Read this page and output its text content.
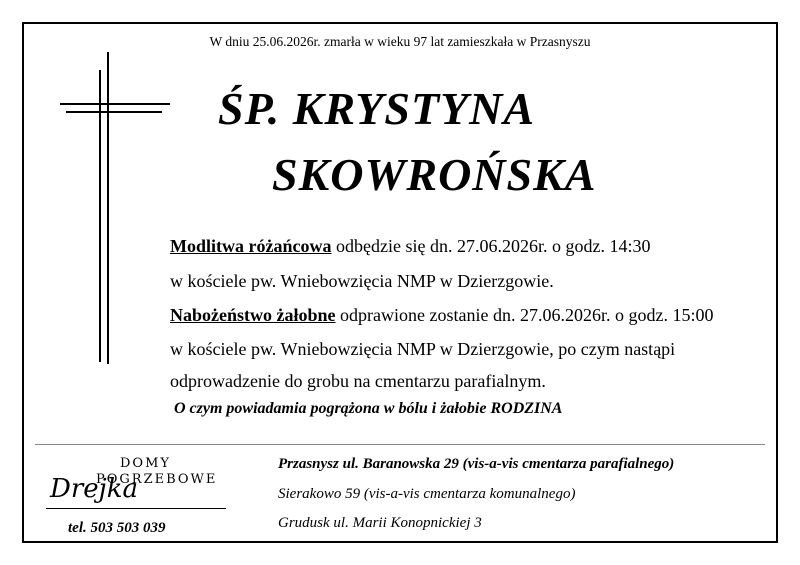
W dniu 25.06.2026r. zmarła w wieku 97 lat zamieszkała w Przasnyszu
ŚP. KRYSTYNA
SKOWROŃSKA
Modlitwa różańcowa odbędzie się dn. 27.06.2026r. o godz. 14:30
w kościele pw. Wniebowzięcia NMP w Dzierzgowie.
Nabożeństwo żałobne odprawione zostanie dn. 27.06.2026r. o godz. 15:00
w kościele pw. Wniebowzięcia NMP w Dzierzgowie, po czym nastąpi
odprowadzenie do grobu na cmentarzu parafialnym.
O czym powiadamia pogrążona w bólu i żałobie RODZINA
DOMY
POGRZEBOWE
Drejka
tel. 503 503 039
Przasnysz ul. Baranowska 29 (vis-a-vis cmentarza parafialnego)
Sierakowo 59 (vis-a-vis cmentarza komunalnego)
Grudusk ul. Marii Konopnickiej 3
